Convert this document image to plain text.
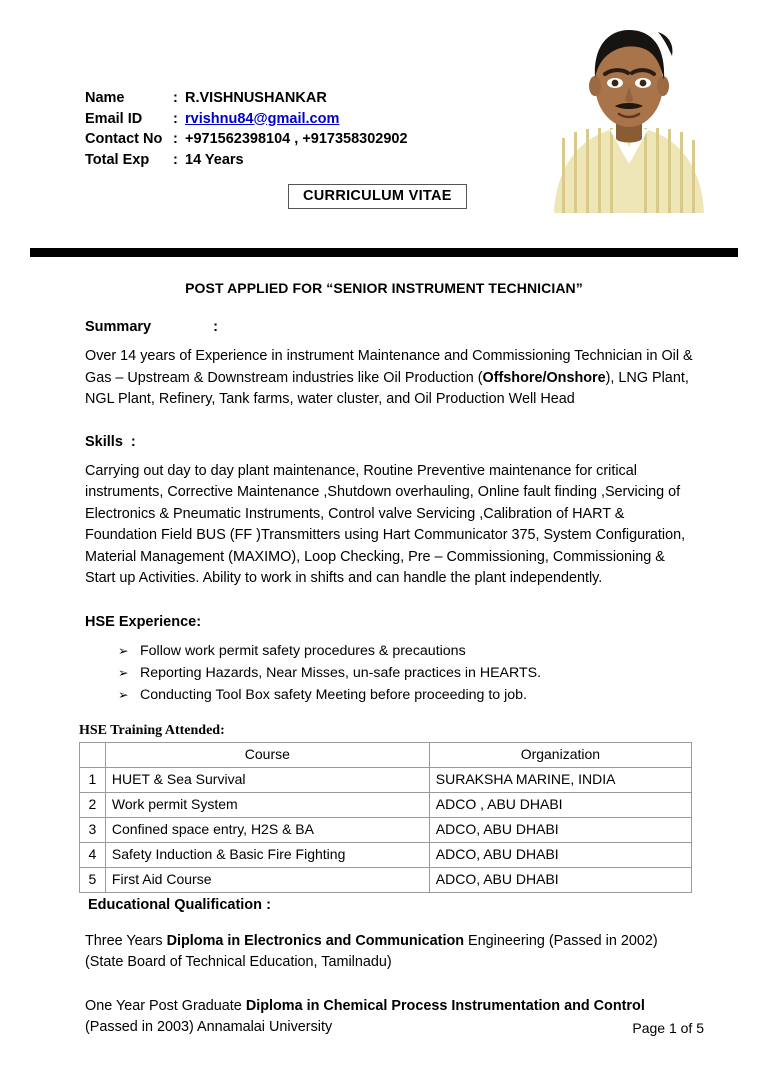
Name	: R.VISHNUSHANKAR
Email ID	: rvishnu84@gmail.com
Contact No : +971562398104 , +917358302902
Total Exp	: 14 Years
CURRICULUM VITAE
POST APPLIED FOR “SENIOR INSTRUMENT TECHNICIAN”
Summary	:
Over 14 years of Experience in instrument Maintenance and Commissioning Technician in Oil & Gas – Upstream & Downstream industries like Oil Production (Offshore/Onshore), LNG Plant, NGL Plant, Refinery, Tank farms, water cluster, and Oil Production Well Head
Skills :
Carrying out day to day plant maintenance, Routine Preventive maintenance for critical instruments, Corrective Maintenance ,Shutdown overhauling, Online fault finding ,Servicing of Electronics & Pneumatic Instruments, Control valve Servicing ,Calibration of HART & Foundation Field BUS (FF )Transmitters using Hart Communicator 375, System Configuration, Material Management (MAXIMO), Loop Checking, Pre – Commissioning, Commissioning & Start up Activities. Ability to work in shifts and can handle the plant independently.
HSE Experience:
➢ Follow work permit safety procedures & precautions
➢ Reporting Hazards, Near Misses, un-safe practices in HEARTS.
➢ Conducting Tool Box safety Meeting before proceeding to job.
HSE Training Attended:
	Course	Organization
1	HUET & Sea Survival	SURAKSHA MARINE, INDIA
2	Work permit System	ADCO , ABU DHABI
3	Confined space entry, H2S & BA	ADCO, ABU DHABI
4	Safety Induction & Basic Fire Fighting	ADCO, ABU DHABI
5	First Aid Course	ADCO, ABU DHABI
Educational Qualification :
Three Years Diploma in Electronics and Communication Engineering (Passed in 2002) (State Board of Technical Education, Tamilnadu)
One Year Post Graduate Diploma in Chemical Process Instrumentation and Control (Passed in 2003) Annamalai University	Page 1 of 5
